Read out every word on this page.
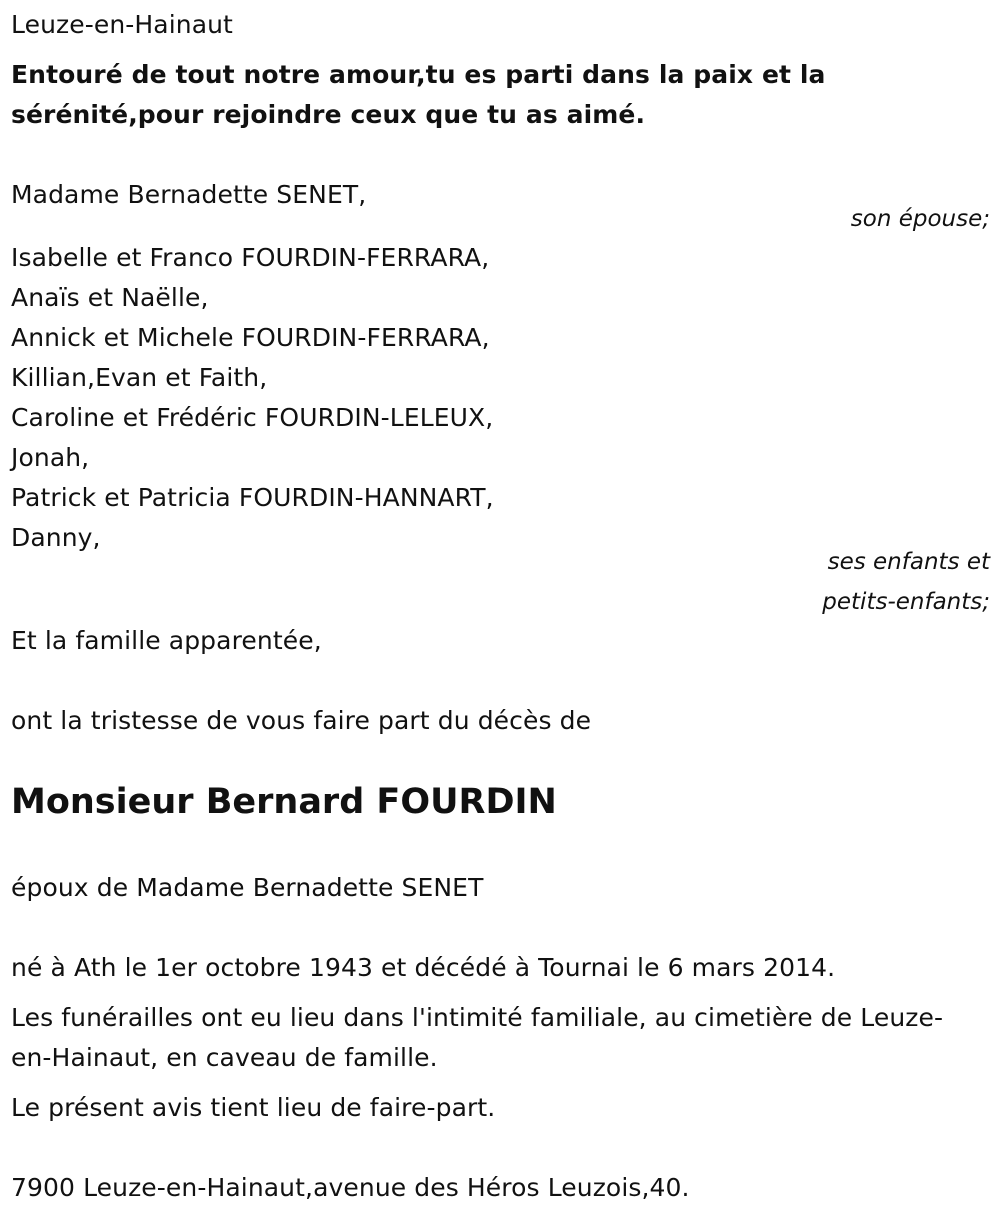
Leuze-en-Hainaut
Entouré de tout notre amour,tu es parti dans la paix et la
sérénité,pour rejoindre ceux que tu as aimé.
Madame Bernadette SENET,
son épouse;
Isabelle et Franco FOURDIN-FERRARA,
Anaïs et Naëlle,
Annick et Michele FOURDIN-FERRARA,
Killian,Evan et Faith,
Caroline et Frédéric FOURDIN-LELEUX,
Jonah,
Patrick et Patricia FOURDIN-HANNART,
Danny,
ses enfants et
petits-enfants;
Et la famille apparentée,
ont la tristesse de vous faire part du décès de
Monsieur Bernard FOURDIN
époux de Madame Bernadette SENET
né à Ath le 1er octobre 1943 et décédé à Tournai le 6 mars 2014.
Les funérailles ont eu lieu dans l'intimité familiale, au cimetière de Leuze-
en-Hainaut, en caveau de famille.
Le présent avis tient lieu de faire-part.
7900 Leuze-en-Hainaut,avenue des Héros Leuzois,40.
